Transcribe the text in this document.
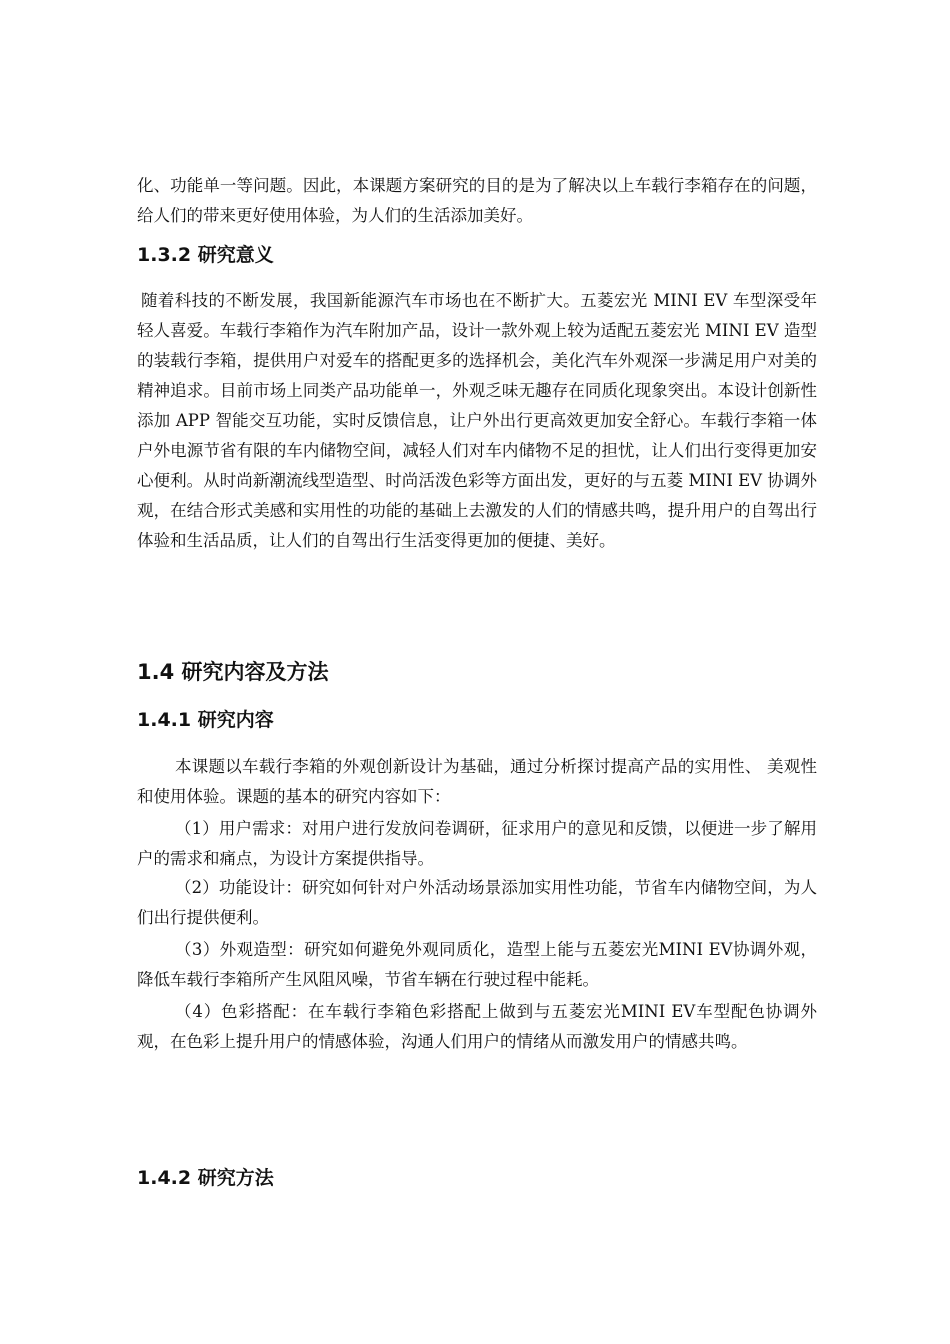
化、功能单一等问题。因此，本课题方案研究的目的是为了解决以上车载行李箱存在的问题，给人们的带来更好使用体验，为人们的生活添加美好。

1.3.2 研究意义

随着科技的不断发展，我国新能源汽车市场也在不断扩大。五菱宏光 MINI EV 车型深受年轻人喜爱。车载行李箱作为汽车附加产品，设计一款外观上较为适配五菱宏光 MINI EV 造型的装载行李箱，提供用户对爱车的搭配更多的选择机会，美化汽车外观深一步满足用户对美的精神追求。目前市场上同类产品功能单一，外观乏味无趣存在同质化现象突出。本设计创新性添加 APP 智能交互功能，实时反馈信息，让户外出行更高效更加安全舒心。车载行李箱一体户外电源节省有限的车内储物空间，减轻人们对车内储物不足的担忧，让人们出行变得更加安心便利。从时尚新潮流线型造型、时尚活泼色彩等方面出发，更好的与五菱 MINI EV 协调外观，在结合形式美感和实用性的功能的基础上去激发的人们的情感共鸣，提升用户的自驾出行体验和生活品质，让人们的自驾出行生活变得更加的便捷、美好。

1.4 研究内容及方法
1.4.1 研究内容

本课题以车载行李箱的外观创新设计为基础，通过分析探讨提高产品的实用性、 美观性和使用体验。课题的基本的研究内容如下：

（1）用户需求：对用户进行发放问卷调研，征求用户的意见和反馈，以便进一步了解用户的需求和痛点，为设计方案提供指导。

（2）功能设计：研究如何针对户外活动场景添加实用性功能，节省车内储物空间，为人们出行提供便利。

（3）外观造型：研究如何避免外观同质化，造型上能与五菱宏光MINI EV协调外观，降低车载行李箱所产生风阻风噪，节省车辆在行驶过程中能耗。

（4）色彩搭配：在车载行李箱色彩搭配上做到与五菱宏光MINI EV车型配色协调外观，在色彩上提升用户的情感体验，沟通人们用户的情绪从而激发用户的情感共鸣。

1.4.2 研究方法
